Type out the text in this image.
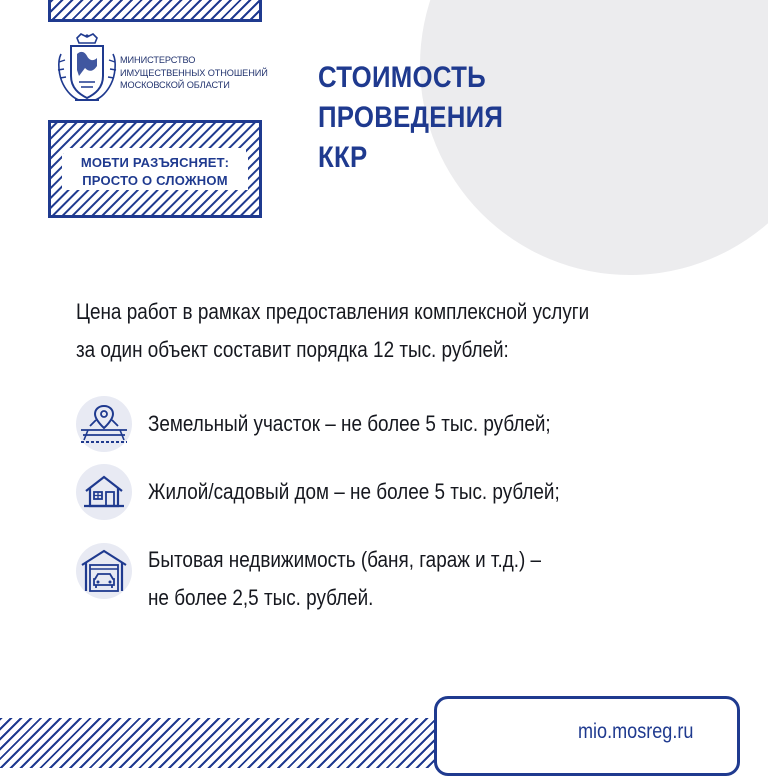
МИНИСТЕРСТВО
ИМУЩЕСТВЕННЫХ ОТНОШЕНИЙ
МОСКОВСКОЙ ОБЛАСТИ
МОБТИ РАЗЪЯСНЯЕТ:
ПРОСТО О СЛОЖНОМ
СТОИМОСТЬ
ПРОВЕДЕНИЯ
ККР

Цена работ в рамках предоставления комплексной услуги
за один объект составит порядка 12 тыс. рублей:

Земельный участок – не более 5 тыс. рублей;
Жилой/садовый дом – не более 5 тыс. рублей;
Бытовая недвижимость (баня, гараж и т.д.) –
не более 2,5 тыс. рублей.
mio.mosreg.ru
